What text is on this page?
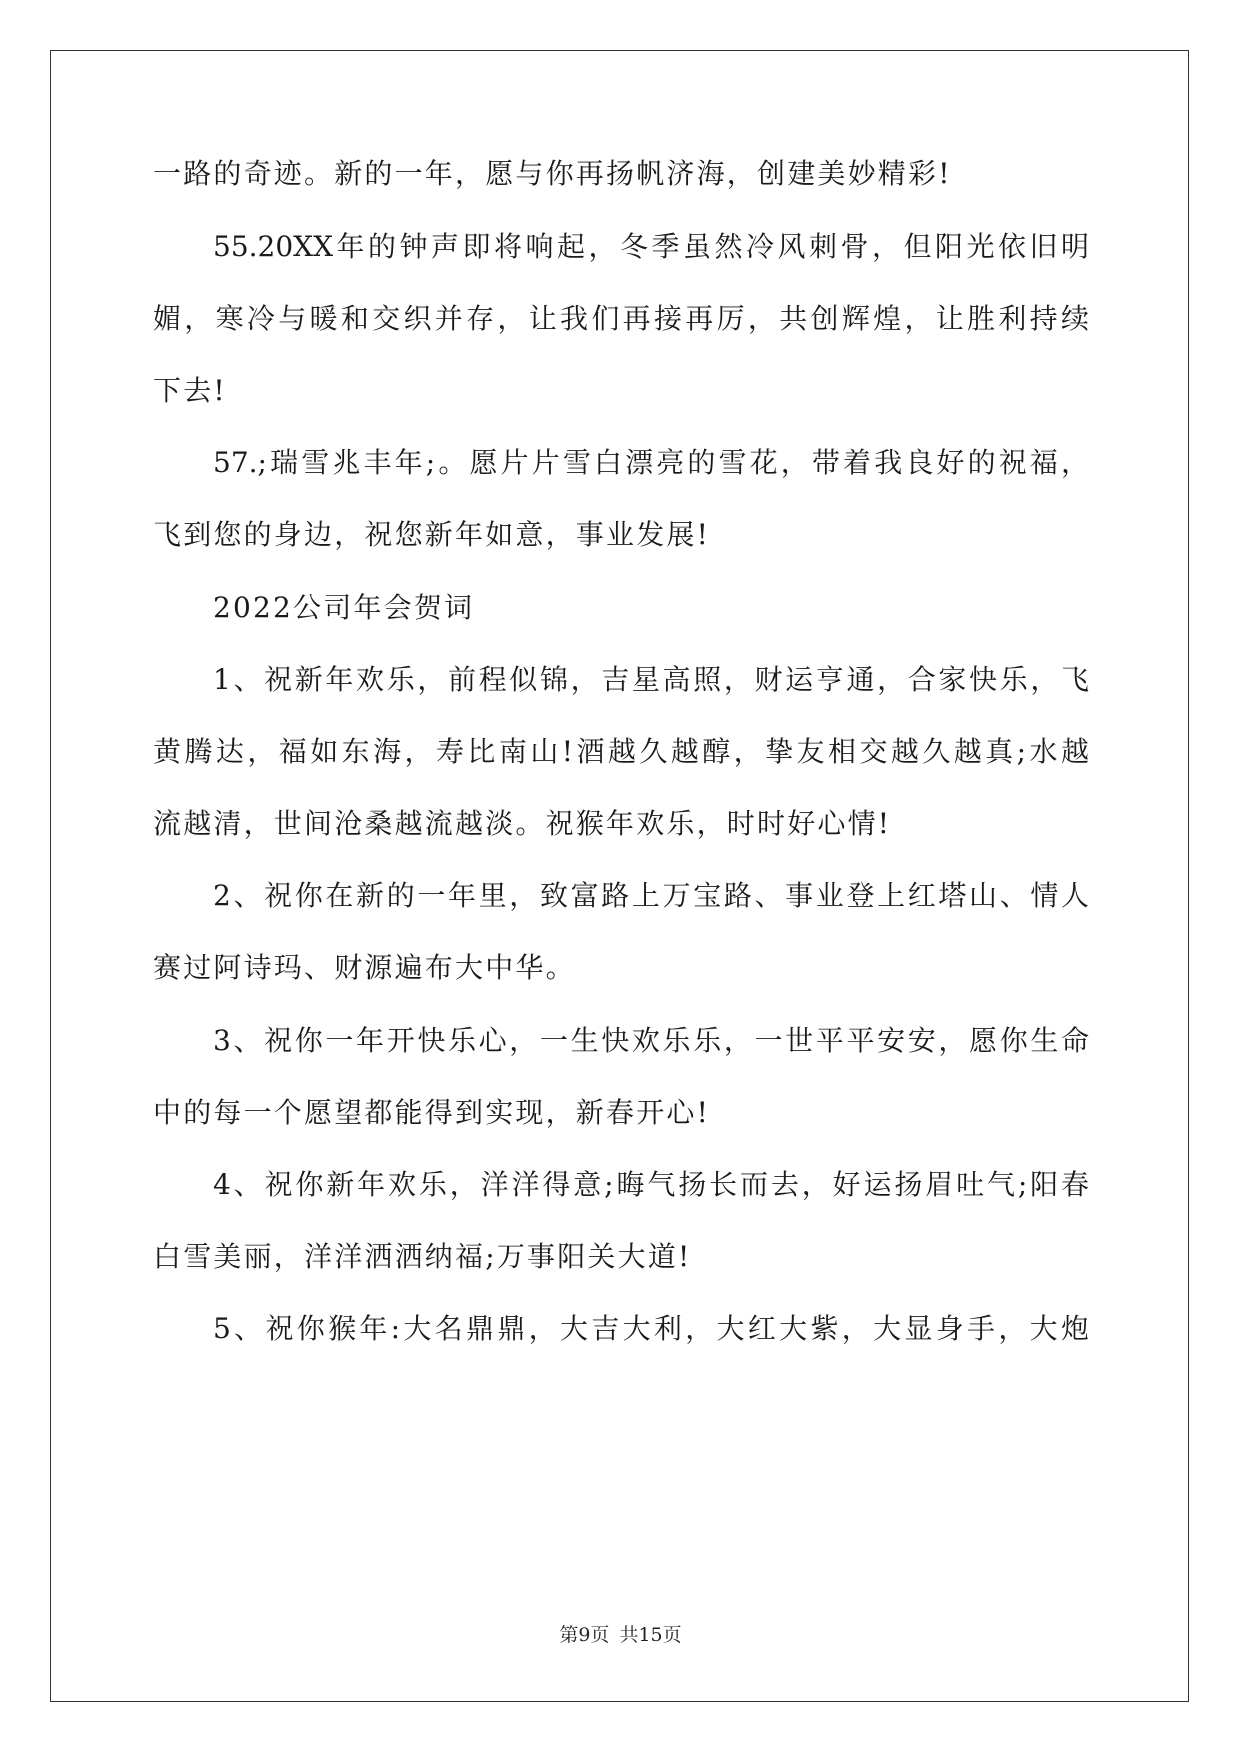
一路的奇迹。新的一年，愿与你再扬帆济海，创建美妙精彩!
55.20XX年的钟声即将响起，冬季虽然冷风刺骨，但阳光依旧明
媚，寒冷与暖和交织并存，让我们再接再厉，共创辉煌，让胜利持续
下去!
57.;瑞雪兆丰年;。愿片片雪白漂亮的雪花，带着我良好的祝福，
飞到您的身边，祝您新年如意，事业发展!
2022公司年会贺词
1、祝新年欢乐，前程似锦，吉星高照，财运亨通，合家快乐，飞
黄腾达，福如东海，寿比南山!酒越久越醇，挚友相交越久越真;水越
流越清，世间沧桑越流越淡。祝猴年欢乐，时时好心情!
2、祝你在新的一年里，致富路上万宝路、事业登上红塔山、情人
赛过阿诗玛、财源遍布大中华。
3、祝你一年开快乐心，一生快欢乐乐，一世平平安安，愿你生命
中的每一个愿望都能得到实现，新春开心!
4、祝你新年欢乐，洋洋得意;晦气扬长而去，好运扬眉吐气;阳春
白雪美丽，洋洋洒洒纳福;万事阳关大道!
5、祝你猴年:大名鼎鼎，大吉大利，大红大紫，大显身手，大炮
第9页 共15页
